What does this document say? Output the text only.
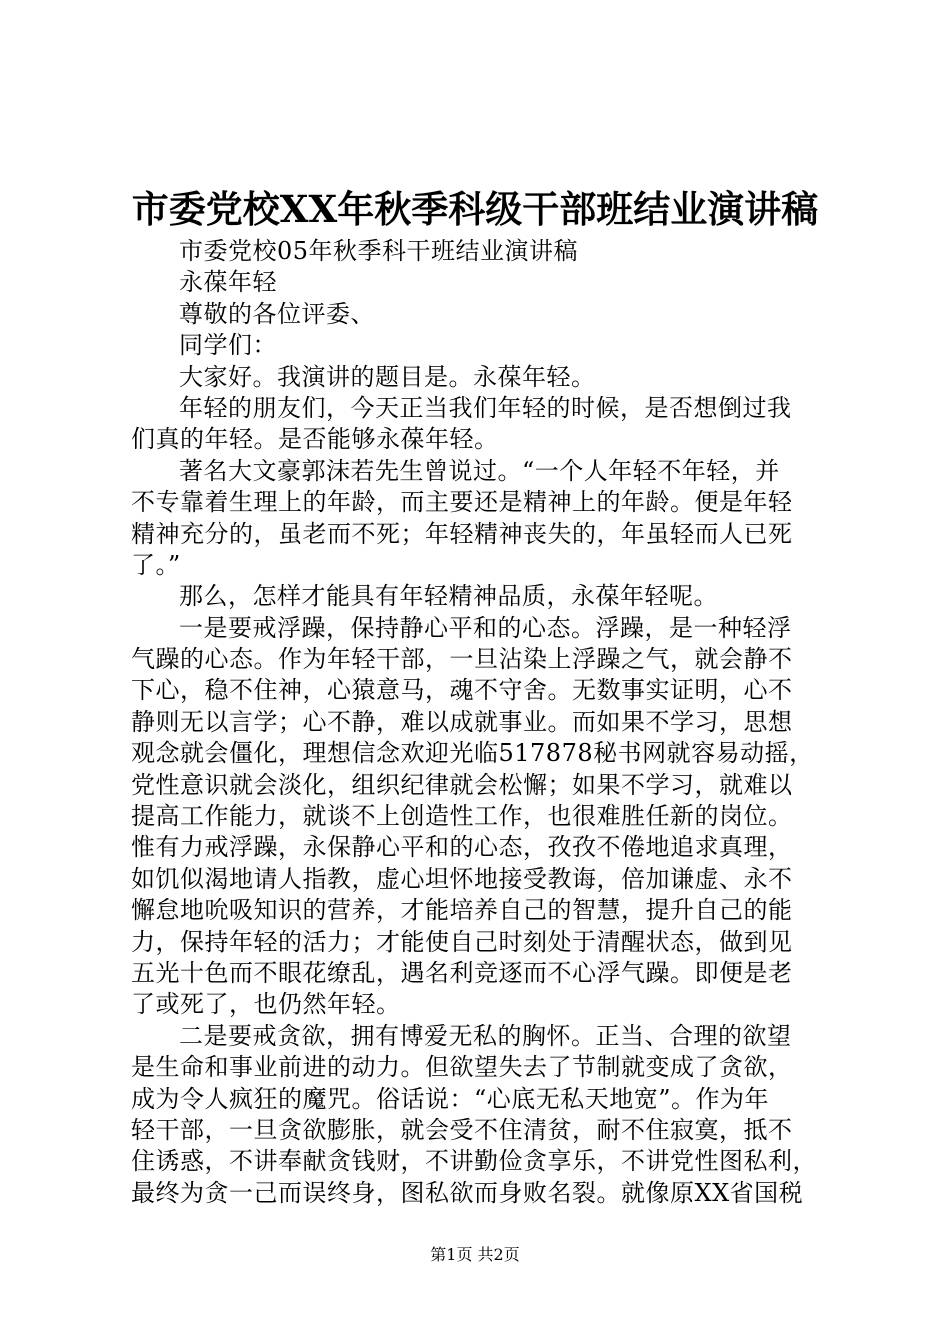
市委党校XX年秋季科级干部班结业演讲稿
市委党校05年秋季科干班结业演讲稿
永葆年轻
尊敬的各位评委、
同学们：
大家好。我演讲的题目是。永葆年轻。
年轻的朋友们，今天正当我们年轻的时候，是否想倒过我
们真的年轻。是否能够永葆年轻。
著名大文豪郭沫若先生曾说过。“一个人年轻不年轻，并
不专靠着生理上的年龄，而主要还是精神上的年龄。便是年轻
精神充分的，虽老而不死；年轻精神丧失的，年虽轻而人已死
了。”
那么，怎样才能具有年轻精神品质，永葆年轻呢。
一是要戒浮躁，保持静心平和的心态。浮躁，是一种轻浮
气躁的心态。作为年轻干部，一旦沾染上浮躁之气，就会静不
下心，稳不住神，心猿意马，魂不守舍。无数事实证明，心不
静则无以言学；心不静，难以成就事业。而如果不学习，思想
观念就会僵化，理想信念欢迎光临517878秘书网就容易动摇，
党性意识就会淡化，组织纪律就会松懈；如果不学习，就难以
提高工作能力，就谈不上创造性工作，也很难胜任新的岗位。
惟有力戒浮躁，永保静心平和的心态，孜孜不倦地追求真理，
如饥似渴地请人指教，虚心坦怀地接受教诲，倍加谦虚、永不
懈怠地吮吸知识的营养，才能培养自己的智慧，提升自己的能
力，保持年轻的活力；才能使自己时刻处于清醒状态，做到见
五光十色而不眼花缭乱，遇名利竞逐而不心浮气躁。即便是老
了或死了，也仍然年轻。
二是要戒贪欲，拥有博爱无私的胸怀。正当、合理的欲望
是生命和事业前进的动力。但欲望失去了节制就变成了贪欲，
成为令人疯狂的魔咒。俗话说：“心底无私天地宽”。作为年
轻干部，一旦贪欲膨胀，就会受不住清贫，耐不住寂寞，抵不
住诱惑，不讲奉献贪钱财，不讲勤俭贪享乐，不讲党性图私利，
最终为贪一己而误终身，图私欲而身败名裂。就像原XX省国税
第1页 共2页
